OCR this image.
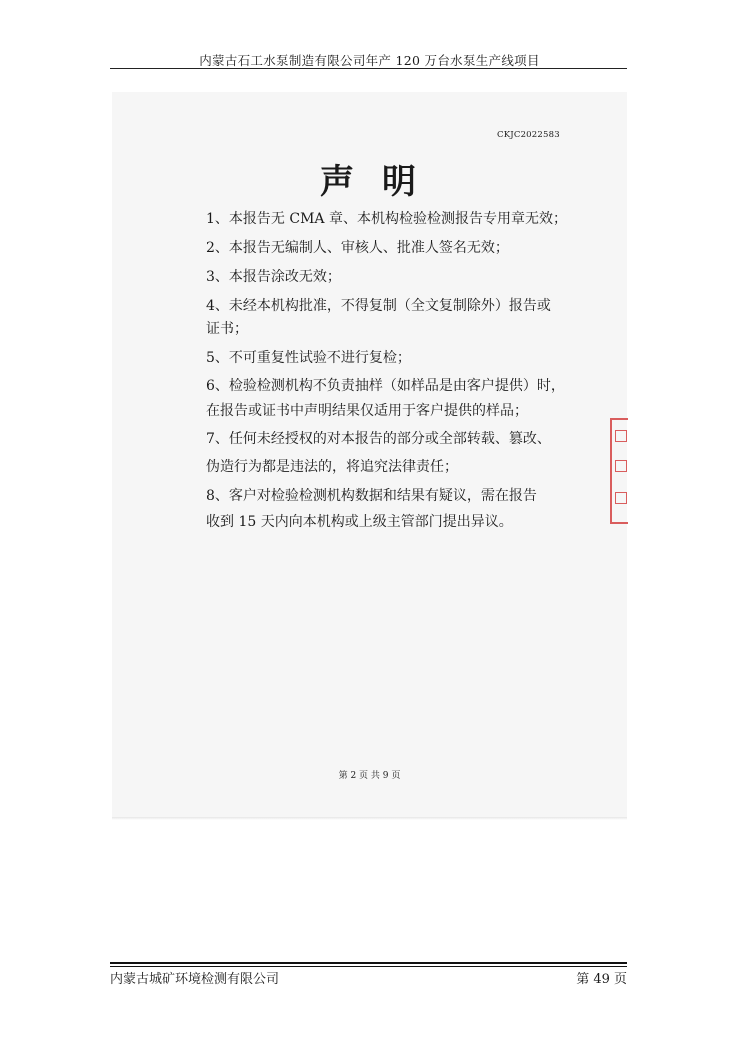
内蒙古石工水泵制造有限公司年产 120 万台水泵生产线项目
CKJC2022583
声明
1、本报告无 CMA 章、本机构检验检测报告专用章无效；
2、本报告无编制人、审核人、批准人签名无效；
3、本报告涂改无效；
4、未经本机构批准，不得复制（全文复制除外）报告或
证书；
5、不可重复性试验不进行复检；
6、检验检测机构不负责抽样（如样品是由客户提供）时，
在报告或证书中声明结果仅适用于客户提供的样品；
7、任何未经授权的对本报告的部分或全部转载、篡改、
伪造行为都是违法的，将追究法律责任；
8、客户对检验检测机构数据和结果有疑议，需在报告
收到 15 天内向本机构或上级主管部门提出异议。
第 2 页 共 9 页
内蒙古城矿环境检测有限公司	第 49 页
